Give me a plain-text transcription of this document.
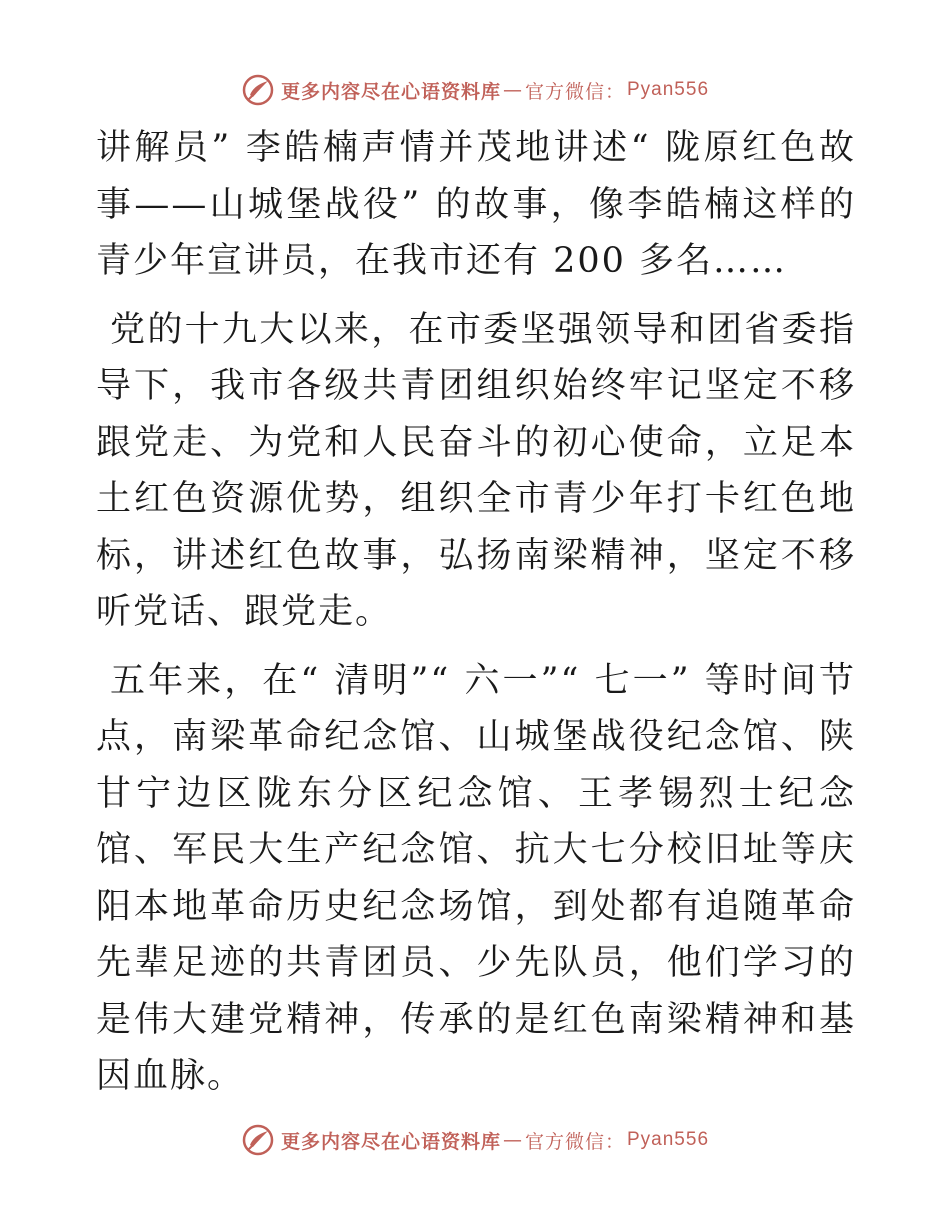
更多内容尽在心语资料库 — 官方微信： Pyan556

讲解员” 李皓楠声情并茂地讲述“ 陇原红色故事——山城堡战役” 的故事，像李皓楠这样的青少年宣讲员，在我市还有 200 多名……

党的十九大以来，在市委坚强领导和团省委指导下，我市各级共青团组织始终牢记坚定不移跟党走、为党和人民奋斗的初心使命，立足本土红色资源优势，组织全市青少年打卡红色地标，讲述红色故事，弘扬南梁精神，坚定不移听党话、跟党走。

五年来，在“ 清明”“ 六一”“ 七一” 等时间节点，南梁革命纪念馆、山城堡战役纪念馆、陕甘宁边区陇东分区纪念馆、王孝锡烈士纪念馆、军民大生产纪念馆、抗大七分校旧址等庆阳本地革命历史纪念场馆，到处都有追随革命先辈足迹的共青团员、少先队员，他们学习的是伟大建党精神，传承的是红色南梁精神和基因血脉。

更多内容尽在心语资料库 — 官方微信： Pyan556
